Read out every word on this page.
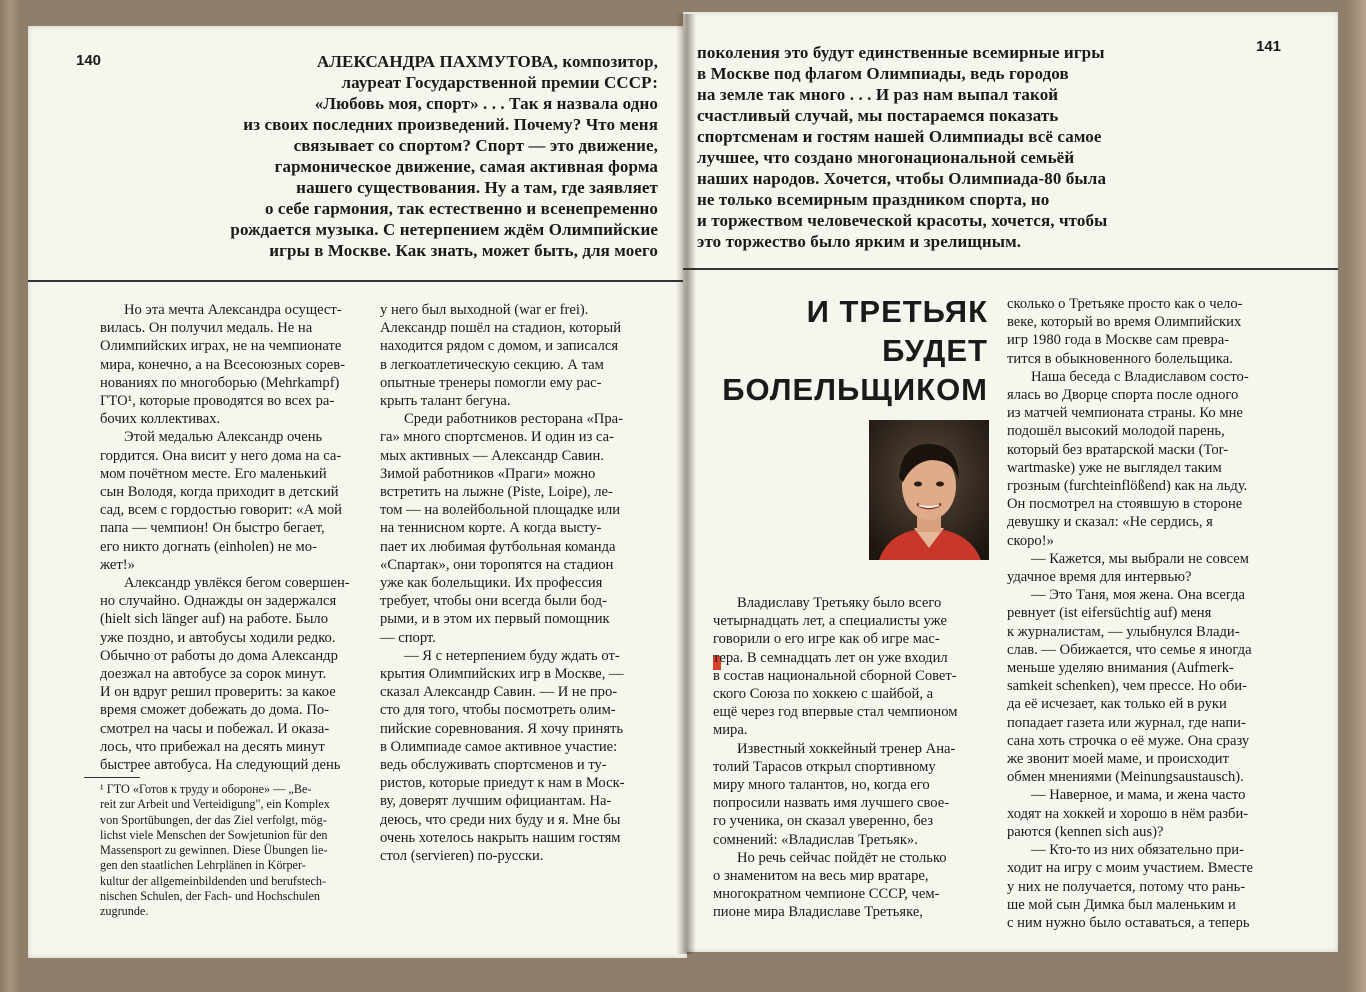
140	АЛЕКСАНДРА ПАХМУТОВА, композитор,
лауреат Государственной премии СССР:
«Любовь моя, спорт» . . . Так я назвала одно
из своих последних произведений. Почему? Что меня
связывает со спортом? Спорт — это движение,
гармоническое движение, самая активная форма
нашего существования. Ну а там, где заявляет
о себе гармония, так естественно и всенепременно
рождается музыка. С нетерпением ждём Олимпийские
игры в Москве. Как знать, может быть, для моего
Но эта мечта Александра осущест-
вилась. Он получил медаль. Не на
Олимпийских играх, не на чемпионате
мира, конечно, а на Всесоюзных сорев-
нованиях по многоборью (Mehrkampf)
ГТО¹, которые проводятся во всех ра-
бочих коллективах.
Этой медалью Александр очень
гордится. Она висит у него дома на са-
мом почётном месте. Его маленький
сын Володя, когда приходит в детский
сад, всем с гордостью говорит: «А мой
папа — чемпион! Он быстро бегает,
его никто догнать (einholen) не мо-
жет!»
Александр увлёкся бегом совершен-
но случайно. Однажды он задержался
(hielt sich länger auf) на работе. Было
уже поздно, и автобусы ходили редко.
Обычно от работы до дома Александр
доезжал на автобусе за сорок минут.
И он вдруг решил проверить: за какое
время сможет добежать до дома. По-
смотрел на часы и побежал. И оказа-
лось, что прибежал на десять минут
быстрее автобуса. На следующий день
у него был выходной (war er frei).
Александр пошёл на стадион, который
находится рядом с домом, и записался
в легкоатлетическую секцию. А там
опытные тренеры помогли ему рас-
крыть талант бегуна.
Среди работников ресторана «Пра-
га» много спортсменов. И один из са-
мых активных — Александр Савин.
Зимой работников «Праги» можно
встретить на лыжне (Piste, Loipe), ле-
том — на волейбольной площадке или
на теннисном корте. А когда высту-
пает их любимая футбольная команда
«Спартак», они торопятся на стадион
уже как болельщики. Их профессия
требует, чтобы они всегда были бод-
рыми, и в этом их первый помощник
— спорт.
— Я с нетерпением буду ждать от-
крытия Олимпийских игр в Москве, —
сказал Александр Савин. — И не про-
сто для того, чтобы посмотреть олим-
пийские соревнования. Я хочу принять
в Олимпиаде самое активное участие:
ведь обслуживать спортсменов и ту-
ристов, которые приедут к нам в Моск-
ву, доверят лучшим официантам. На-
деюсь, что среди них буду и я. Мне бы
очень хотелось накрыть нашим гостям
стол (servieren) по-русски.
¹ ГТО «Готов к труду и обороне» — „Be-
reit zur Arbeit und Verteidigung", ein Komplex
von Sportübungen, der das Ziel verfolgt, mög-
lichst viele Menschen der Sowjetunion für den
Massensport zu gewinnen. Diese Übungen lie-
gen den staatlichen Lehrplänen in Körper-
kultur der allgemeinbildenden und berufstech-
nischen Schulen, der Fach- und Hochschulen
zugrunde.
141
поколения это будут единственные всемирные игры
в Москве под флагом Олимпиады, ведь городов
на земле так много . . . И раз нам выпал такой
счастливый случай, мы постараемся показать
спортсменам и гостям нашей Олимпиады всё самое
лучшее, что создано многонациональной семьёй
наших народов. Хочется, чтобы Олимпиада-80 была
не только всемирным праздником спорта, но
и торжеством человеческой красоты, хочется, чтобы
это торжество было ярким и зрелищным.
И ТРЕТЬЯК
БУДЕТ
БОЛЕЛЬЩИКОМ
Владиславу Третьяку было всего
четырнадцать лет, а специалисты уже
говорили о его игре как об игре мас-
тера. В семнадцать лет он уже входил
в состав национальной сборной Совет-
ского Союза по хоккею с шайбой, а
ещё через год впервые стал чемпионом
мира.
Известный хоккейный тренер Ана-
толий Тарасов открыл спортивному
миру много талантов, но, когда его
попросили назвать имя лучшего свое-
го ученика, он сказал уверенно, без
сомнений: «Владислав Третьяк».
Но речь сейчас пойдёт не столько
о знаменитом на весь мир вратаре,
многократном чемпионе СССР, чем-
пионе мира Владиславе Третьяке,
сколько о Третьяке просто как о чело-
веке, который во время Олимпийских
игр 1980 года в Москве сам превра-
тится в обыкновенного болельщика.
Наша беседа с Владиславом состо-
ялась во Дворце спорта после одного
из матчей чемпионата страны. Ко мне
подошёл высокий молодой парень,
который без вратарской маски (Tor-
wartmaske) уже не выглядел таким
грозным (furchteinflößend) как на льду.
Он посмотрел на стоявшую в стороне
девушку и сказал: «Не сердись, я
скоро!»
— Кажется, мы выбрали не совсем
удачное время для интервью?
— Это Таня, моя жена. Она всегда
ревнует (ist eifersüchtig auf) меня
к журналистам, — улыбнулся Влади-
слав. — Обижается, что семье я иногда
меньше уделяю внимания (Aufmerk-
samkeit schenken), чем прессе. Но оби-
да её исчезает, как только ей в руки
попадает газета или журнал, где напи-
сана хоть строчка о её муже. Она сразу
же звонит моей маме, и происходит
обмен мнениями (Meinungsaustausch).
— Наверное, и мама, и жена часто
ходят на хоккей и хорошо в нём разби-
раются (kennen sich aus)?
— Кто-то из них обязательно при-
ходит на игру с моим участием. Вместе
у них не получается, потому что рань-
ше мой сын Димка был маленьким и
с ним нужно было оставаться, а теперь
